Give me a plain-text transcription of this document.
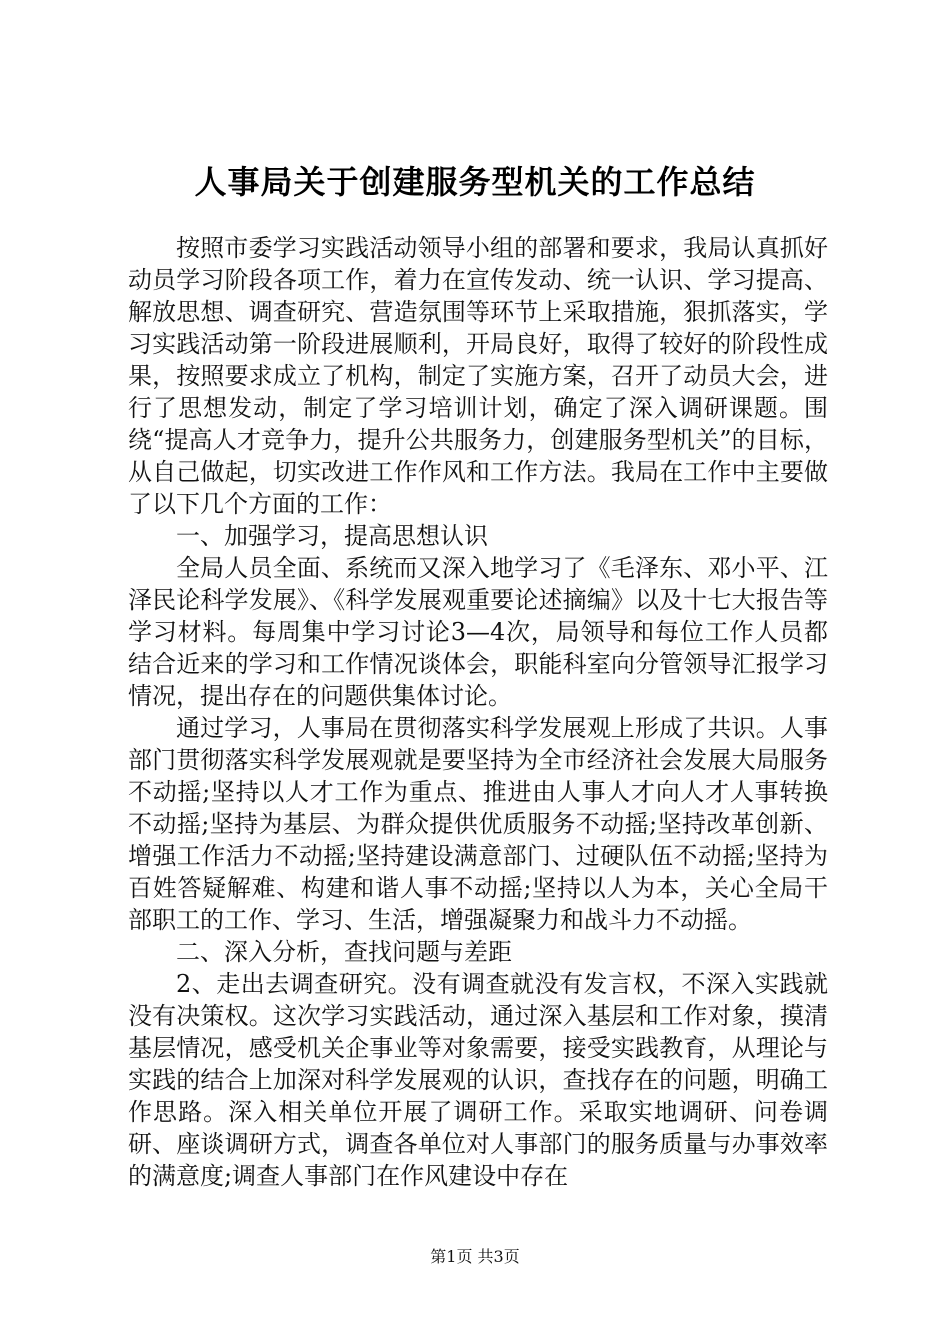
人事局关于创建服务型机关的工作总结

按照市委学习实践活动领导小组的部署和要求，我局认真抓好动员学习阶段各项工作，着力在宣传发动、统一认识、学习提高、解放思想、调查研究、营造氛围等环节上采取措施，狠抓落实，学习实践活动第一阶段进展顺利，开局良好，取得了较好的阶段性成果，按照要求成立了机构，制定了实施方案，召开了动员大会，进行了思想发动，制定了学习培训计划，确定了深入调研课题。围绕“提高人才竞争力，提升公共服务力，创建服务型机关”的目标，从自己做起，切实改进工作作风和工作方法。我局在工作中主要做了以下几个方面的工作：

一、加强学习，提高思想认识

全局人员全面、系统而又深入地学习了《毛泽东、邓小平、江泽民论科学发展》、《科学发展观重要论述摘编》以及十七大报告等学习材料。每周集中学习讨论3—4次，局领导和每位工作人员都结合近来的学习和工作情况谈体会，职能科室向分管领导汇报学习情况，提出存在的问题供集体讨论。

通过学习，人事局在贯彻落实科学发展观上形成了共识。人事部门贯彻落实科学发展观就是要坚持为全市经济社会发展大局服务不动摇;坚持以人才工作为重点、推进由人事人才向人才人事转换不动摇;坚持为基层、为群众提供优质服务不动摇;坚持改革创新、增强工作活力不动摇;坚持建设满意部门、过硬队伍不动摇;坚持为百姓答疑解难、构建和谐人事不动摇;坚持以人为本，关心全局干部职工的工作、学习、生活，增强凝聚力和战斗力不动摇。

二、深入分析，查找问题与差距

2、走出去调查研究。没有调查就没有发言权，不深入实践就没有决策权。这次学习实践活动，通过深入基层和工作对象，摸清基层情况，感受机关企事业等对象需要，接受实践教育，从理论与实践的结合上加深对科学发展观的认识，查找存在的问题，明确工作思路。深入相关单位开展了调研工作。采取实地调研、问卷调研、座谈调研方式，调查各单位对人事部门的服务质量与办事效率的满意度;调查人事部门在作风建设中存在

第1页 共3页
